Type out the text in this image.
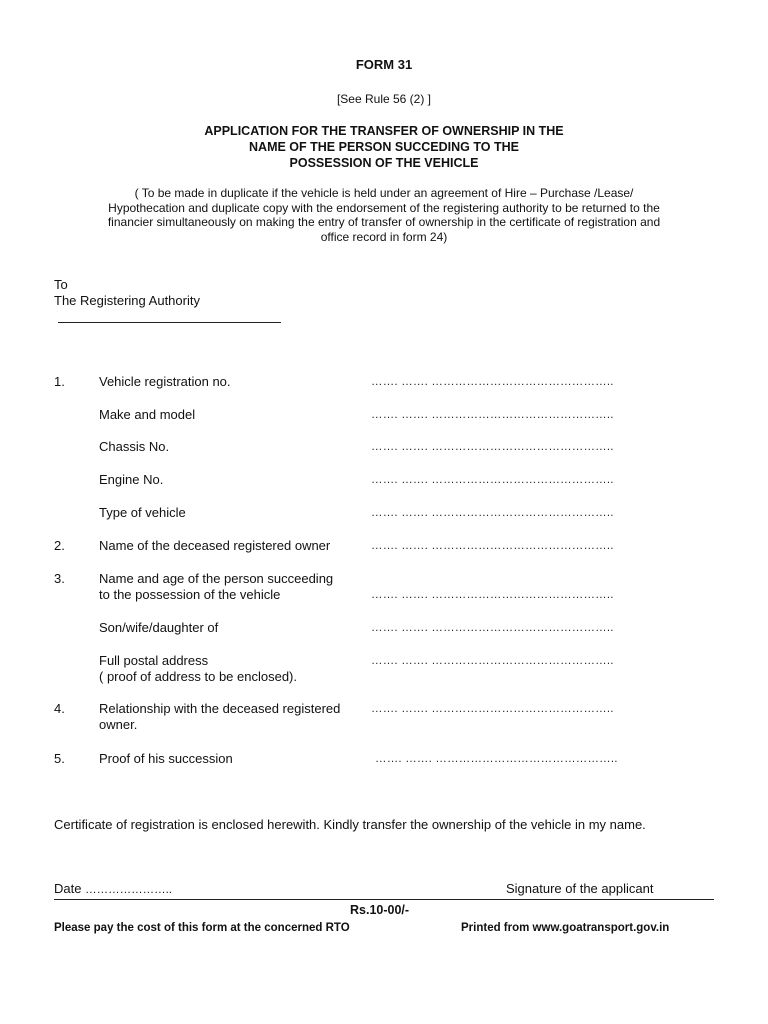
FORM 31
[See Rule 56 (2) ]
APPLICATION FOR THE TRANSFER OF OWNERSHIP IN THE
NAME OF THE PERSON SUCCEDING TO THE
POSSESSION OF THE VEHICLE
( To be made in duplicate if the vehicle is held under an agreement of Hire – Purchase /Lease/
Hypothecation and duplicate copy with the endorsement of the registering authority to be returned to the
financier simultaneously on making the entry of transfer of ownership in the certificate of registration and
office record in form 24)
To
The Registering Authority
1.	Vehicle registration no.	……. ……. ………………………………………..
Make and model	……. ……. ………………………………………..
Chassis No.	……. ……. ………………………………………..
Engine No.	……. ……. ………………………………………..
Type of vehicle	……. ……. ………………………………………..
2.	Name of the deceased registered owner	……. ……. ………………………………………..
3.	Name and age of the person succeeding
to the possession of the vehicle	……. ……. ………………………………………..
Son/wife/daughter of	……. ……. ………………………………………..
Full postal address
( proof of address to be enclosed).
……. ……. ………………………………………..
4.	Relationship with the deceased registered
owner.
……. ……. ………………………………………..
5.	Proof of his succession	……. ……. ………………………………………..
Certificate of registration is enclosed herewith. Kindly transfer the ownership of the vehicle in my name.
Date …………………..	Signature of the applicant
Rs.10-00/-
Please pay the cost of this form at the concerned RTO	Printed from www.goatransport.gov.in
